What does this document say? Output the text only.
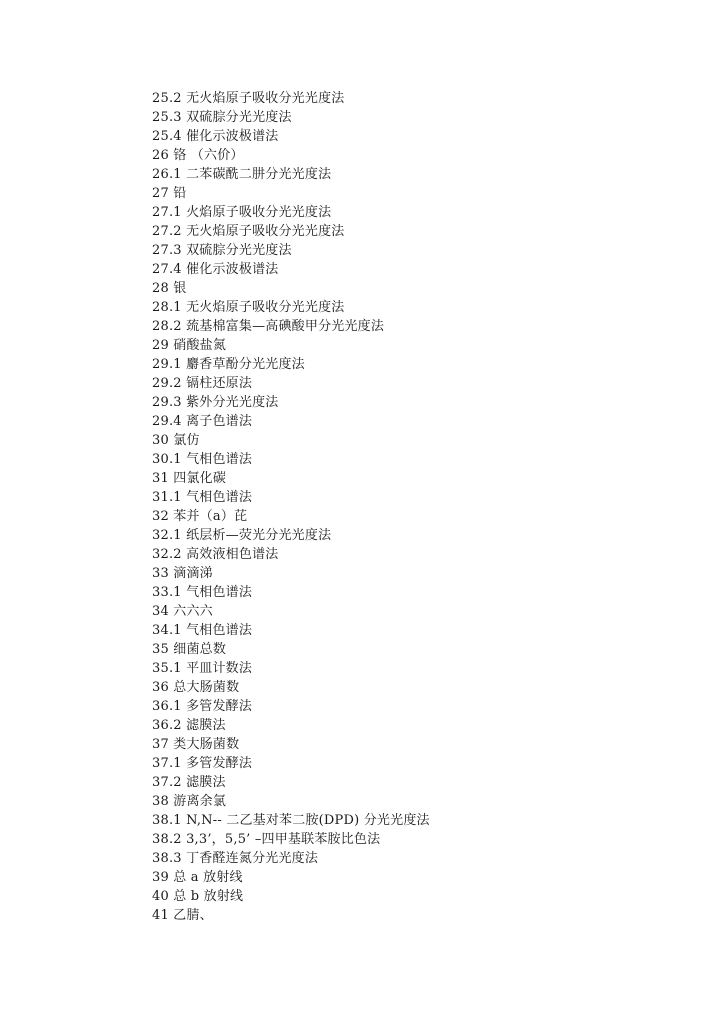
25.2 无火焰原子吸收分光光度法
25.3 双硫腙分光光度法
25.4 催化示波极谱法
26 铬 （六价）
26.1 二苯碳酰二肼分光光度法
27 铅
27.1 火焰原子吸收分光光度法
27.2 无火焰原子吸收分光光度法
27.3 双硫腙分光光度法
27.4 催化示波极谱法
28 银
28.1 无火焰原子吸收分光光度法
28.2 巯基棉富集—高碘酸甲分光光度法
29 硝酸盐氮
29.1 麝香草酚分光光度法
29.2 镉柱还原法
29.3 紫外分光光度法
29.4 离子色谱法
30 氯仿
30.1 气相色谱法
31 四氯化碳
31.1 气相色谱法
32 苯并（a）芘
32.1 纸层析—荧光分光光度法
32.2 高效液相色谱法
33 滴滴涕
33.1 气相色谱法
34 六六六
34.1 气相色谱法
35 细菌总数
35.1 平皿计数法
36 总大肠菌数
36.1 多管发酵法
36.2 滤膜法
37 类大肠菌数
37.1 多管发酵法
37.2 滤膜法
38 游离余氯
38.1 N,N-- 二乙基对苯二胺(DPD) 分光光度法
38.2 3,3’，5,5’ –四甲基联苯胺比色法
38.3 丁香醛连氮分光光度法
39 总 a 放射线
40 总 b 放射线
41 乙腈、
